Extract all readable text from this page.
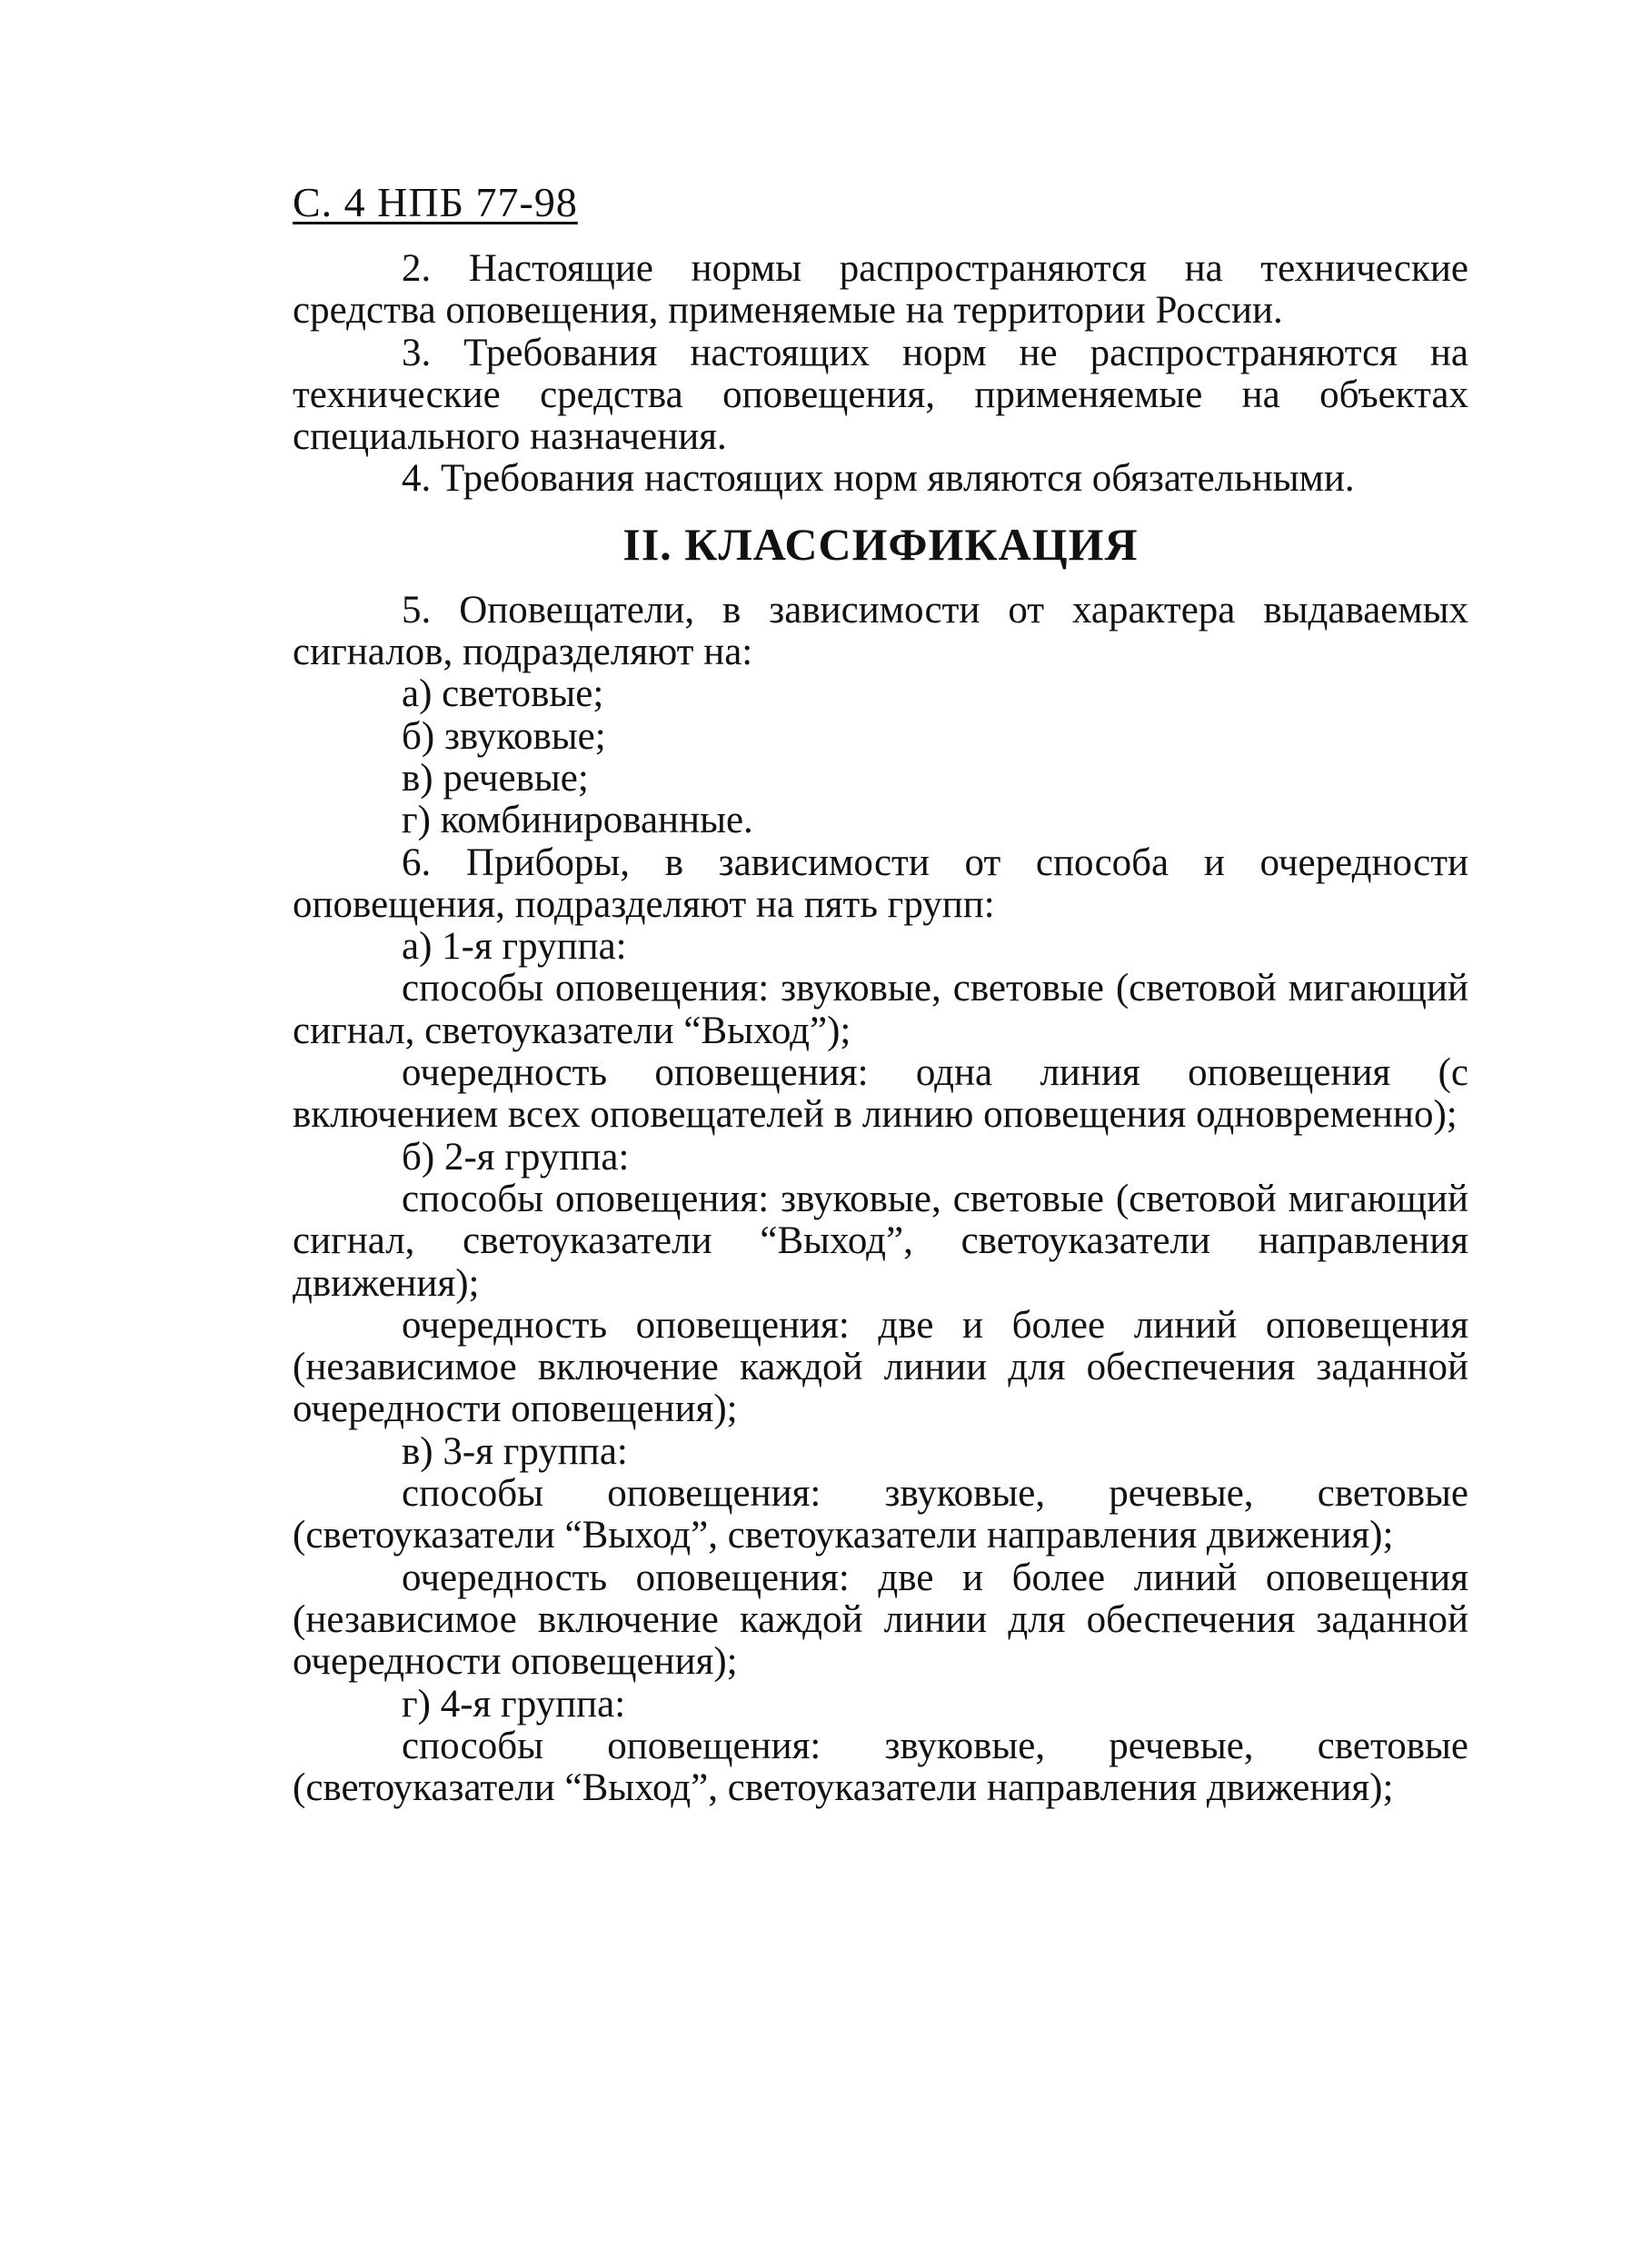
С. 4 НПБ 77-98

2. Настоящие нормы распространяются на технические средства оповещения, применяемые на территории России.

3. Требования настоящих норм не распространяются на технические средства оповещения, применяемые на объектах специального назначения.

4. Требования настоящих норм являются обязательными.

II. КЛАССИФИКАЦИЯ

5. Оповещатели, в зависимости от характера выдаваемых сигналов, подразделяют на:

а) световые;

б) звуковые;

в) речевые;

г) комбинированные.

6. Приборы, в зависимости от способа и очередности оповещения, подразделяют на пять групп:

а) 1-я группа:

способы оповещения: звуковые, световые (световой мигающий сигнал, светоуказатели “Выход”);

очередность оповещения: одна линия оповещения (с включением всех оповещателей в линию оповещения одновременно);

б) 2-я группа:

способы оповещения: звуковые, световые (световой мигающий сигнал, светоуказатели “Выход”, светоуказатели направления движения);

очередность оповещения: две и более линий оповещения (независимое включение каждой линии для обеспечения заданной очередности оповещения);

в) 3-я группа:

способы оповещения: звуковые, речевые, световые (светоуказатели “Выход”, светоуказатели направления движения);

очередность оповещения: две и более линий оповещения (независимое включение каждой линии для обеспечения заданной очередности оповещения);

г) 4-я группа:

способы оповещения: звуковые, речевые, световые (светоуказатели “Выход”, светоуказатели направления движения);
